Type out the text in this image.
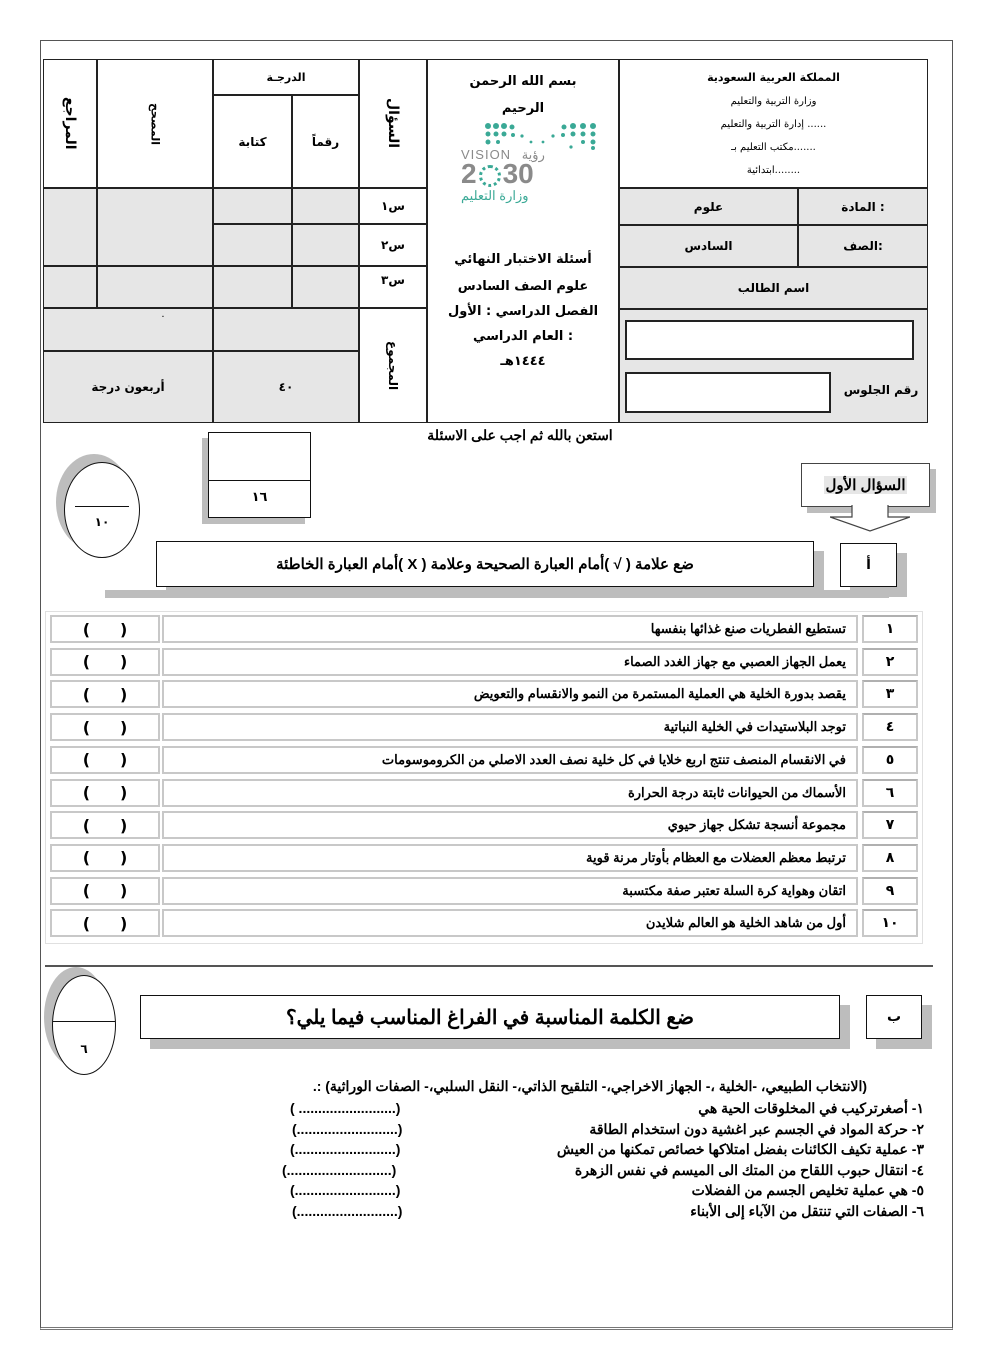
المملكة العربية السعودية
وزارة التربية والتعليم
إدارة التربية والتعليم ......
مكتب التعليم بـ.......
ابتدائية........
علوم	المادة :
السادس	الصف:
اسم الطالب
رقم الجلوس
بسم الله الرحمن
الرحيم
VISION رؤية
2 30
وزارة التعليم
أسئلة الاختبار النهائي
علوم الصف السادس
الفصل الدراسي : الأول
العام الدراسي :
١٤٤٤هـ
السؤال
الدرجـة
رقماً
كتابة
المصحح
المراجع
س١
س٢
س٣
المجموع
.
٤٠
أربعون درجة
استعن بالله ثم اجب على الاسئلة
١٦
١٠
السؤال الأول
أ
ضع علامة ( √ )أمام العبارة الصحيحة وعلامة ( X )أمام العبارة الخاطئة
١
تستطيع الفطريات صنع غذائها بنفسها
( )
٢
يعمل الجهاز العصبي مع جهاز الغدد الصماء
( )
٣
يقصد بدورة الخلية هي العملية المستمرة من النمو والانقسام والتعويض
( )
٤
توجد البلاستيدات في الخلية النباتية
( )
٥
في الانقسام المنصف تنتج اربع خلايا في كل خلية نصف العدد الاصلي من الكروموسومات
( )
٦
الأسماك من الحيوانات ثابتة درجة الحرارة
( )
٧
مجموعة أنسجة تشكل جهاز حيوي
( )
٨
ترتبط معظم العضلات مع العظام بأوتار مرنة قوية
( )
٩
اتقان وهواية كرة السلة تعتبر صفة مكتسبة
( )
١٠
أول من شاهد الخلية هو العالم شلايدن
( )
٦
ب
ضع الكلمة المناسبة في الفراغ المناسب فيما يلي؟
(الانتخاب الطبيعي، -الخلية ،- الجهاز الاخراجي،- التلقيح الذاتي،- النقل السلبي،- الصفات الوراثية) :.
١- أصغرتركيب في المخلوقات الحية هي
( .........................)
٢- حركة المواد في الجسم عبر اغشية دون استخدام الطاقة
(..........................)
٣- عملية تكيف الكائنات بفضل امتلاكها خصائص تمكنها من العيش
(..........................)
٤- انتقال حبوب اللقاح من المتك الى الميسم في نفس الزهرة
(...........................)
٥- هي عملية تخليص الجسم من الفضلات
(..........................)
٦- الصفات التي تنتقل من الآباء إلى الأبناء
(..........................)
